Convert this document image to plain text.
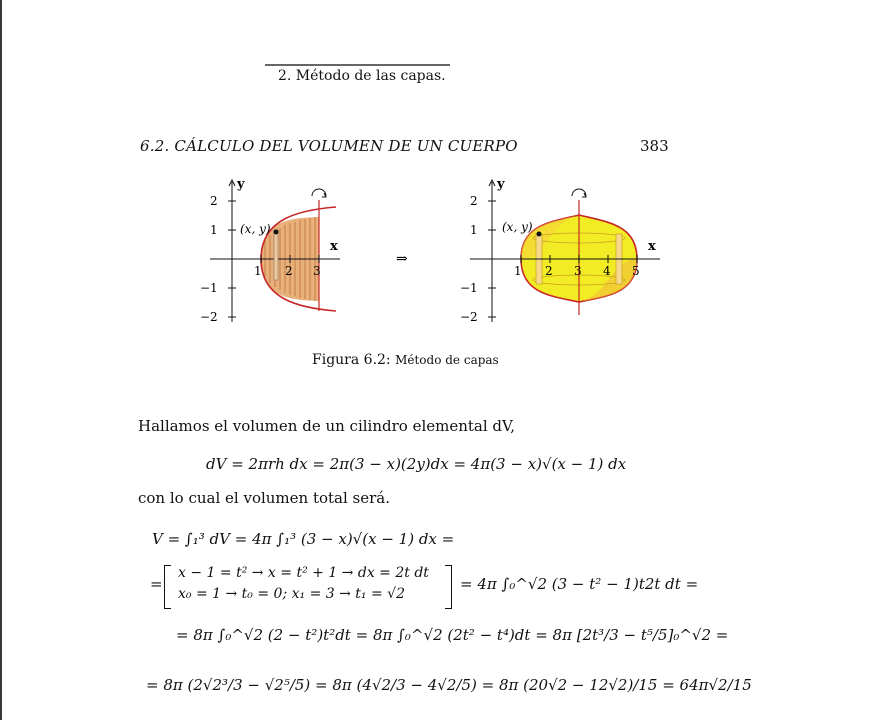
2. Método de las capas.
6.2. CÁLCULO DEL VOLUMEN DE UN CUERPO	383
(x, y)
x
y
1 2 3
2
1
−1
−2
⇒
(x, y)
x
y
1 2 3 4 5
2
1
−1
−2
Figura 6.2: Método de capas
Hallamos el volumen de un cilindro elemental dV,
dV = 2πrh dx = 2π(3 − x)(2y)dx = 4π(3 − x)√(x − 1) dx
con lo cual el volumen total será.
V = ∫₁³ dV = 4π ∫₁³ (3 − x)√(x − 1) dx =
=
x − 1 = t² → x = t² + 1 → dx = 2t dt
x₀ = 1 → t₀ = 0; x₁ = 3 → t₁ = √2
= 4π ∫₀^√2 (3 − t² − 1)t2t dt =
= 8π ∫₀^√2 (2 − t²)t²dt = 8π ∫₀^√2 (2t² − t⁴)dt = 8π [2t³/3 − t⁵/5]₀^√2 =
= 8π (2√2³/3 − √2⁵/5) = 8π (4√2/3 − 4√2/5) = 8π (20√2 − 12√2)/15 = 64π√2/15
